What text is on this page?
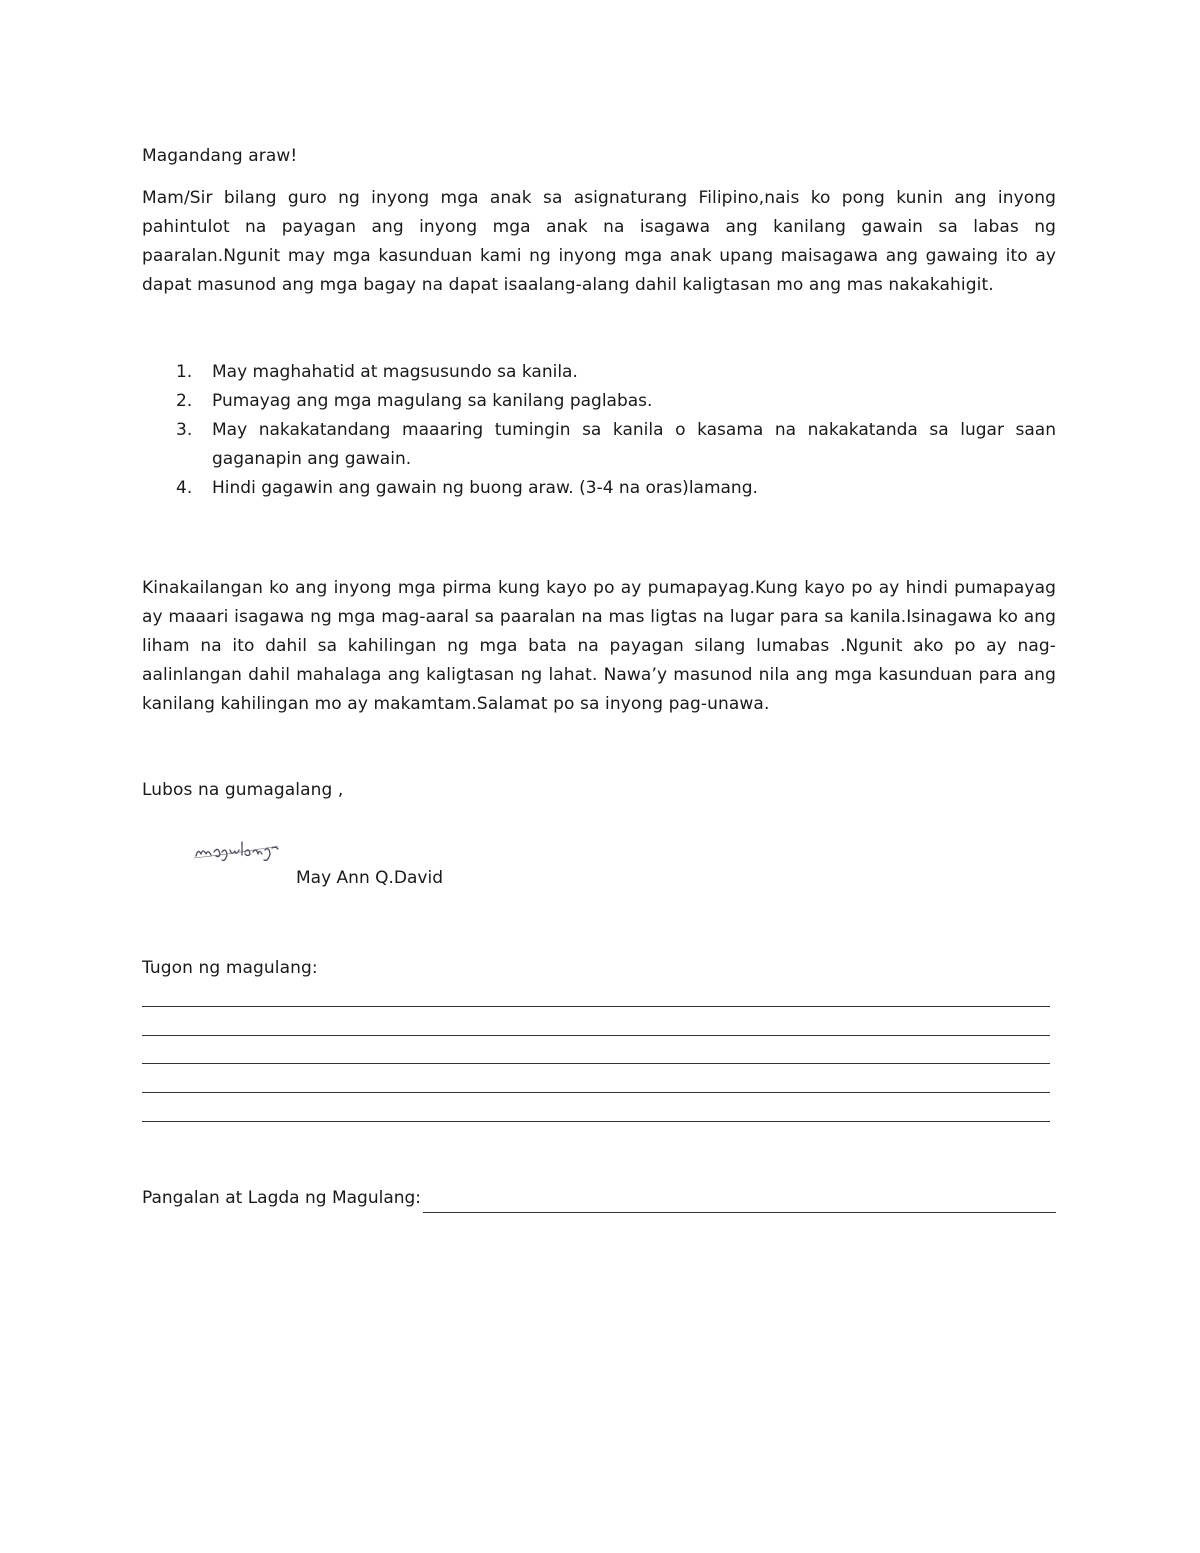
Magandang araw!
Mam/Sir bilang guro ng inyong mga anak sa asignaturang Filipino,nais ko pong kunin ang inyong pahintulot na payagan ang inyong mga anak na isagawa ang kanilang gawain sa labas ng paaralan.Ngunit may mga kasunduan kami ng inyong mga anak upang maisagawa ang gawaing ito ay dapat masunod ang mga bagay na dapat isaalang-alang dahil kaligtasan mo ang mas nakakahigit.
1. May maghahatid at magsusundo sa kanila.
2. Pumayag ang mga magulang sa kanilang paglabas.
3. May nakakatandang maaaring tumingin sa kanila o kasama na nakakatanda sa lugar saan gaganapin ang gawain.
4. Hindi gagawin ang gawain ng buong araw. (3-4 na oras)lamang.
Kinakailangan ko ang inyong mga pirma kung kayo po ay pumapayag.Kung kayo po ay hindi pumapayag ay maaari isagawa ng mga mag-aaral sa paaralan na mas ligtas na lugar para sa kanila.Isinagawa ko ang liham na ito dahil sa kahilingan ng mga bata na payagan silang lumabas .Ngunit ako po ay nag-aalinlangan dahil mahalaga ang kaligtasan ng lahat. Nawa’y masunod nila ang mga kasunduan para ang kanilang kahilingan mo ay makamtam.Salamat po sa inyong pag-unawa.
Lubos na gumagalang ,
May Ann Q.David
Tugon ng magulang:
Pangalan at Lagda ng Magulang:
